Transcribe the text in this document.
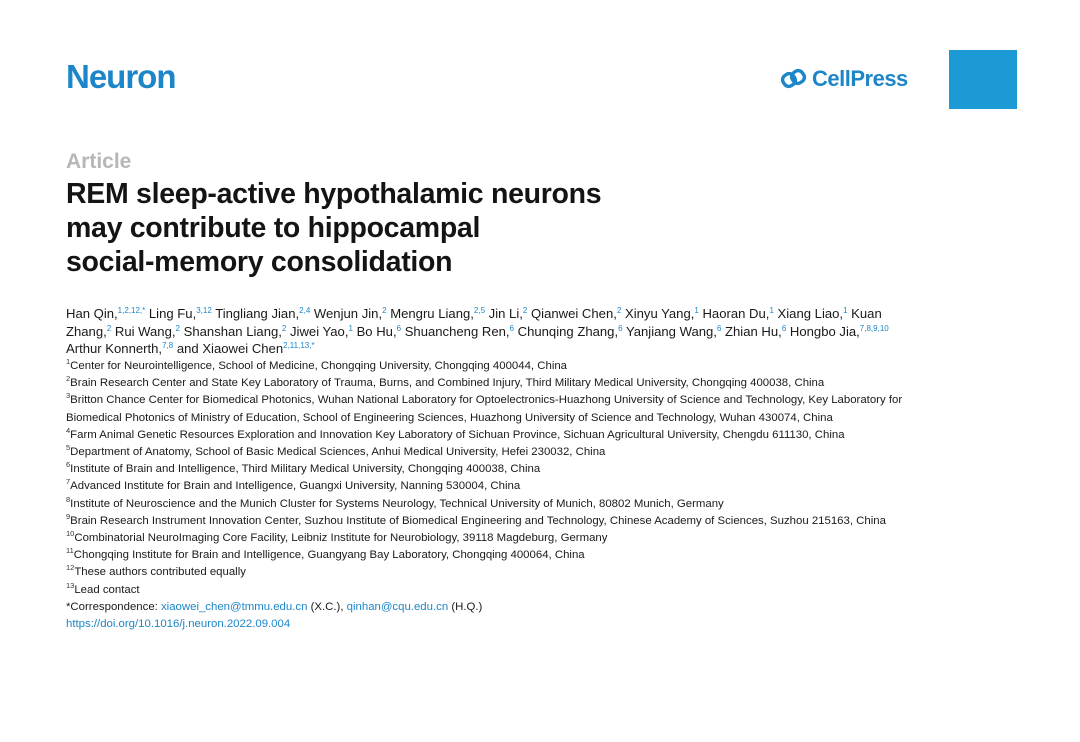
Neuron	CellPress
Article
REM sleep-active hypothalamic neurons
may contribute to hippocampal
social-memory consolidation
Han Qin,$^{1,2,12,*}$ Ling Fu,$^{3,12}$ Tingliang Jian,$^{2,4}$ Wenjun Jin,$^2$ Mengru Liang,$^{2,5}$ Jin Li,$^2$ Qianwei Chen,$^2$ Xinyu Yang,$^1$ Haoran Du,$^1$ Xiang Liao,$^1$ Kuan Zhang,$^2$ Rui Wang,$^2$ Shanshan Liang,$^2$ Jiwei Yao,$^1$ Bo Hu,$^6$ Shuancheng Ren,$^6$ Chunqing Zhang,$^6$ Yanjiang Wang,$^6$ Zhian Hu,$^6$ Hongbo Jia,$^{7,8,9,10}$ Arthur Konnerth,$^{7,8}$ and Xiaowei Chen$^{2,11,13,*}$

$^1$Center for Neurointelligence, School of Medicine, Chongqing University, Chongqing 400044, China

$^2$Brain Research Center and State Key Laboratory of Trauma, Burns, and Combined Injury, Third Military Medical University, Chongqing 400038, China

$^3$Britton Chance Center for Biomedical Photonics, Wuhan National Laboratory for Optoelectronics-Huazhong University of Science and Technology, Key Laboratory for Biomedical Photonics of Ministry of Education, School of Engineering Sciences, Huazhong University of Science and Technology, Wuhan 430074, China

$^4$Farm Animal Genetic Resources Exploration and Innovation Key Laboratory of Sichuan Province, Sichuan Agricultural University, Chengdu 611130, China

$^5$Department of Anatomy, School of Basic Medical Sciences, Anhui Medical University, Hefei 230032, China

$^6$Institute of Brain and Intelligence, Third Military Medical University, Chongqing 400038, China

$^7$Advanced Institute for Brain and Intelligence, Guangxi University, Nanning 530004, China

$^8$Institute of Neuroscience and the Munich Cluster for Systems Neurology, Technical University of Munich, 80802 Munich, Germany

$^9$Brain Research Instrument Innovation Center, Suzhou Institute of Biomedical Engineering and Technology, Chinese Academy of Sciences, Suzhou 215163, China

$^{10}$Combinatorial NeuroImaging Core Facility, Leibniz Institute for Neurobiology, 39118 Magdeburg, Germany

$^{11}$Chongqing Institute for Brain and Intelligence, Guangyang Bay Laboratory, Chongqing 400064, China

$^{12}$These authors contributed equally

$^{13}$Lead contact

*Correspondence: xiaowei_chen@tmmu.edu.cn (X.C.), qinhan@cqu.edu.cn (H.Q.)

https://doi.org/10.1016/j.neuron.2022.09.004
